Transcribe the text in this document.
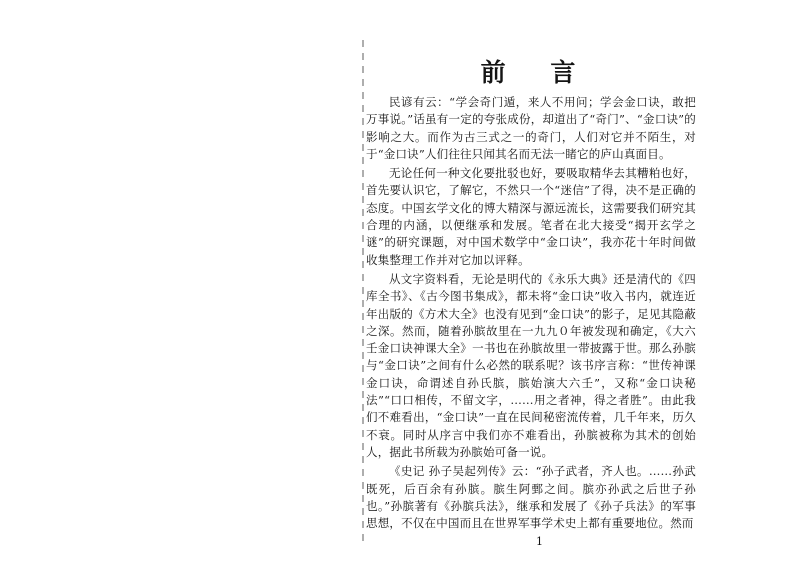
前 言

民谚有云：“学会奇门遁，来人不用问；学会金口诀，敢把万事说。”话虽有一定的夸张成份，却道出了“奇门”、“金口诀”的影响之大。而作为古三式之一的奇门，人们对它并不陌生，对于“金口诀”人们往往只闻其名而无法一睹它的庐山真面目。

无论任何一种文化要批驳也好，要吸取精华去其糟粕也好，首先要认识它，了解它，不然只一个“迷信”了得，决不是正确的态度。中国玄学文化的博大精深与源远流长，这需要我们研究其合理的内涵，以便继承和发展。笔者在北大接受“揭开玄学之谜”的研究课题，对中国术数学中“金口诀”，我亦花十年时间做收集整理工作并对它加以评释。

从文字资料看，无论是明代的《永乐大典》还是清代的《四库全书》、《古今图书集成》，都未将“金口诀”收入书内，就连近年出版的《方术大全》也没有见到“金口诀”的影子，足见其隐蔽之深。然而，随着孙膑故里在一九九０年被发现和确定，《大六壬金口诀神课大全》一书也在孙膑故里一带披露于世。那么孙膑与“金口诀”之间有什么必然的联系呢？该书序言称：“世传神课金口诀，命谓述自孙氏膑，膑始演大六壬”，又称“金口诀秘法”“口口相传，不留文字，……用之者神，得之者胜”。由此我们不难看出，“金口诀”一直在民间秘密流传着，几千年来，历久不衰。同时从序言中我们亦不难看出，孙膑被称为其术的创始人，据此书所载为孙膑始可备一说。

《史记 孙子吴起列传》云：“孙子武者，齐人也。……孙武既死，后百余有孙膑。膑生阿鄄之间。膑亦孙武之后世子孙也。”孙膑著有《孙膑兵法》，继承和发展了《孙子兵法》的军事思想，不仅在中国而且在世界军事学术史上都有重要地位。然而

1
